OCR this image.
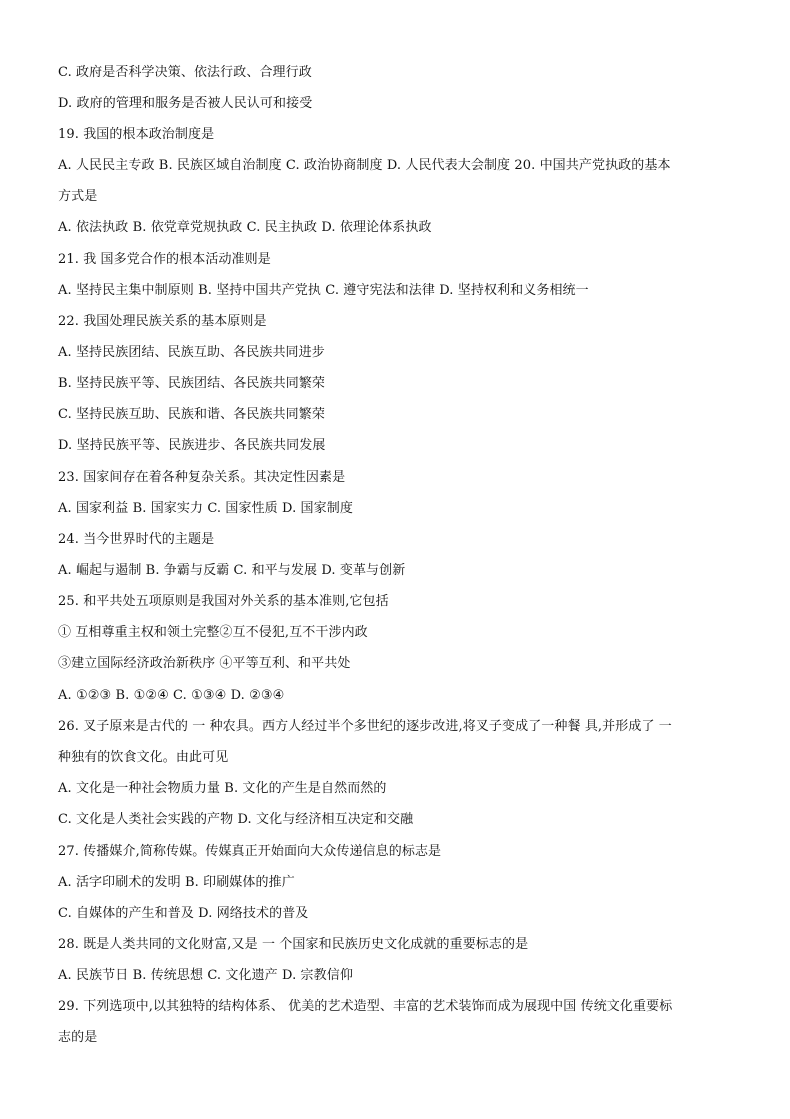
C. 政府是否科学决策、依法行政、合理行政
D. 政府的管理和服务是否被人民认可和接受
19. 我国的根本政治制度是
A. 人民民主专政 B. 民族区域自治制度 C. 政治协商制度 D. 人民代表大会制度 20. 中国共产党执政的基本
方式是
A. 依法执政 B. 依党章党规执政 C. 民主执政 D. 依理论体系执政
21. 我 国多党合作的根本活动准则是
A. 坚持民主集中制原则 B. 坚持中国共产党执 C. 遵守宪法和法律 D. 坚持权利和义务相统一
22. 我国处理民族关系的基本原则是
A. 坚持民族团结、民族互助、各民族共同进步
B. 坚持民族平等、民族团结、各民族共同繁荣
C. 坚持民族互助、民族和谐、各民族共同繁荣
D. 坚持民族平等、民族进步、各民族共同发展
23. 国家间存在着各种复杂关系。其决定性因素是
A. 国家利益 B. 国家实力 C. 国家性质 D. 国家制度
24. 当今世界时代的主题是
A. 崛起与遏制 B. 争霸与反霸 C. 和平与发展 D. 变革与创新
25. 和平共处五项原则是我国对外关系的基本准则,它包括
① 互相尊重主权和领土完整②互不侵犯,互不干涉内政
③建立国际经济政治新秩序 ④平等互利、和平共处
A. ①②③ B. ①②④ C. ①③④ D. ②③④
26. 叉子原来是古代的 一 种农具。西方人经过半个多世纪的逐步改进,将叉子变成了一种餐 具,并形成了 一
种独有的饮食文化。由此可见
A. 文化是一种社会物质力量 B. 文化的产生是自然而然的
C. 文化是人类社会实践的产物 D. 文化与经济相互决定和交融
27. 传播媒介,简称传媒。传媒真正开始面向大众传递信息的标志是
A. 活字印刷术的发明 B. 印刷媒体的推广
C. 自媒体的产生和普及 D. 网络技术的普及
28. 既是人类共同的文化财富,又是 一 个国家和民族历史文化成就的重要标志的是
A. 民族节日 B. 传统思想 C. 文化遗产 D. 宗教信仰
29. 下列选项中,以其独特的结构体系、 优美的艺术造型、丰富的艺术装饰而成为展现中国 传统文化重要标
志的是
